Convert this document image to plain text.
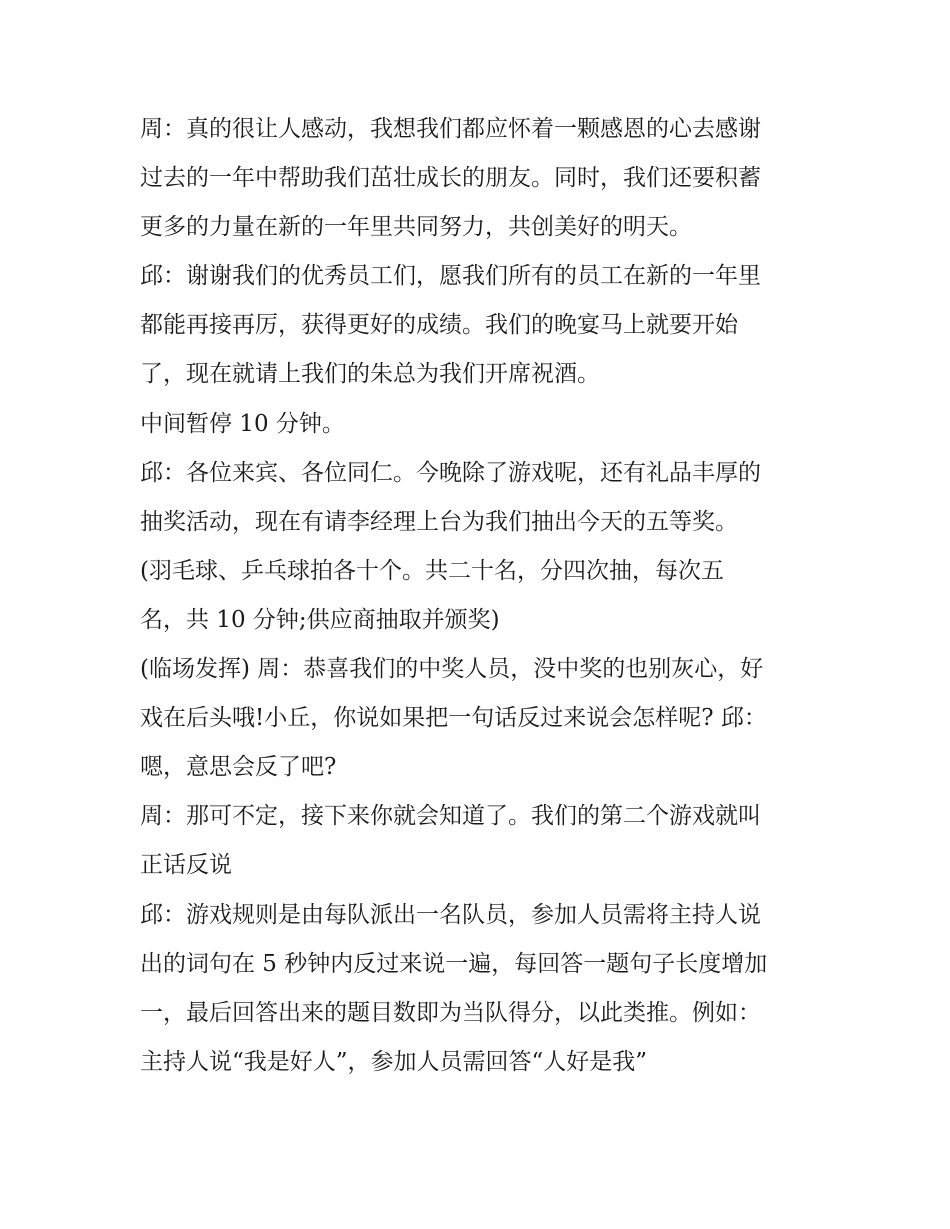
周：真的很让人感动，我想我们都应怀着一颗感恩的心去感谢
过去的一年中帮助我们茁壮成长的朋友。同时，我们还要积蓄
更多的力量在新的一年里共同努力，共创美好的明天。
邱：谢谢我们的优秀员工们，愿我们所有的员工在新的一年里
都能再接再厉，获得更好的成绩。我们的晚宴马上就要开始
了，现在就请上我们的朱总为我们开席祝酒。
中间暂停 10 分钟。
邱：各位来宾、各位同仁。今晚除了游戏呢，还有礼品丰厚的
抽奖活动，现在有请李经理上台为我们抽出今天的五等奖。
(羽毛球、乒乓球拍各十个。共二十名，分四次抽，每次五
名，共 10 分钟;供应商抽取并颁奖)
(临场发挥) 周：恭喜我们的中奖人员，没中奖的也别灰心，好
戏在后头哦!小丘，你说如果把一句话反过来说会怎样呢? 邱：
嗯，意思会反了吧?
周：那可不定，接下来你就会知道了。我们的第二个游戏就叫
正话反说
邱：游戏规则是由每队派出一名队员，参加人员需将主持人说
出的词句在 5 秒钟内反过来说一遍，每回答一题句子长度增加
一，最后回答出来的题目数即为当队得分，以此类推。例如：
主持人说“我是好人”，参加人员需回答“人好是我”
